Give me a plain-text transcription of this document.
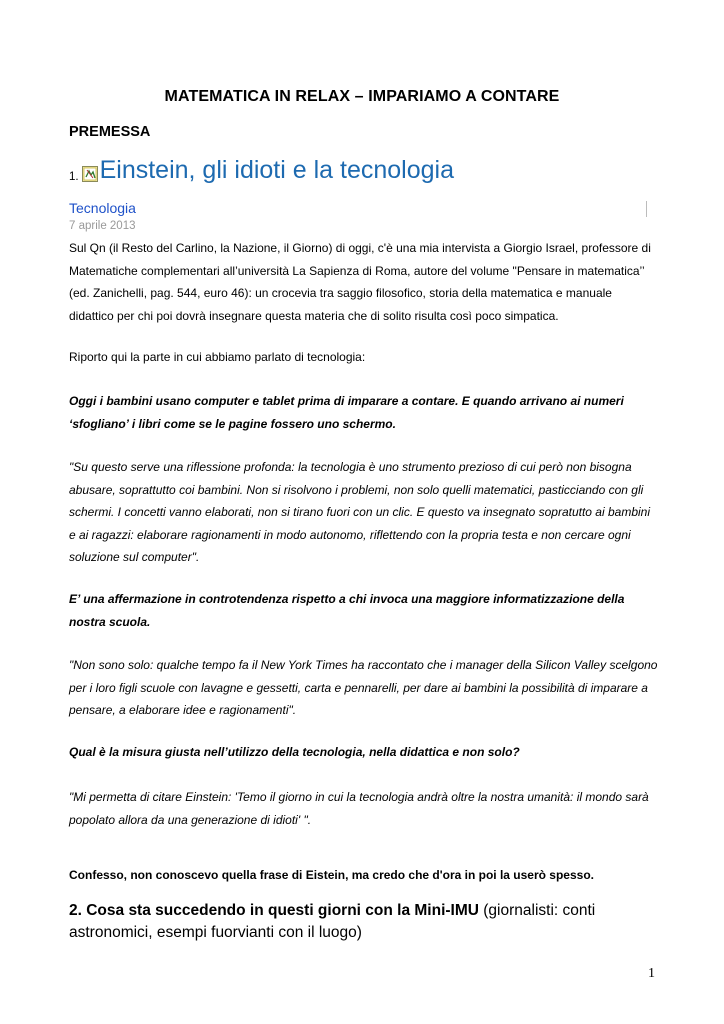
MATEMATICA IN RELAX – IMPARIAMO A CONTARE
PREMESSA
1. Einstein, gli idioti e la tecnologia
Tecnologia
7 aprile 2013
Sul Qn (il Resto del Carlino, la Nazione, il Giorno) di oggi, c'è una mia intervista a Giorgio Israel, professore di Matematiche complementari all’università La Sapienza di Roma, autore del volume "Pensare in matematica’’ (ed. Zanichelli, pag. 544, euro 46): un crocevia tra saggio filosofico, storia della matematica e manuale didattico per chi poi dovrà insegnare questa materia che di solito risulta così poco simpatica.
Riporto qui la parte in cui abbiamo parlato di tecnologia:
Oggi i bambini usano computer e tablet prima di imparare a contare. E quando arrivano ai numeri ‘sfogliano’ i libri come se le pagine fossero uno schermo.
"Su questo serve una riflessione profonda: la tecnologia è uno strumento prezioso di cui però non bisogna abusare, soprattutto coi bambini. Non si risolvono i problemi, non solo quelli matematici, pasticciando con gli schermi. I concetti vanno elaborati, non si tirano fuori con un clic. E questo va insegnato sopratutto ai bambini e ai ragazzi: elaborare ragionamenti in modo autonomo, riflettendo con la propria testa e non cercare ogni soluzione sul computer".
E’ una affermazione in controtendenza rispetto a chi invoca una maggiore informatizzazione della nostra scuola.
"Non sono solo: qualche tempo fa il New York Times ha raccontato che i manager della Silicon Valley scelgono per i loro figli scuole con lavagne e gessetti, carta e pennarelli, per dare ai bambini la possibilità di imparare a pensare, a elaborare idee e ragionamenti".
Qual è la misura giusta nell’utilizzo della tecnologia, nella didattica e non solo?
"Mi permetta di citare Einstein: 'Temo il giorno in cui la tecnologia andrà oltre la nostra umanità: il mondo sarà popolato allora da una generazione di idioti' ".
Confesso, non conoscevo quella frase di Eistein, ma credo che d'ora in poi la userò spesso.
2. Cosa sta succedendo in questi giorni con la Mini-IMU (giornalisti: conti astronomici, esempi fuorvianti con il luogo)
1
